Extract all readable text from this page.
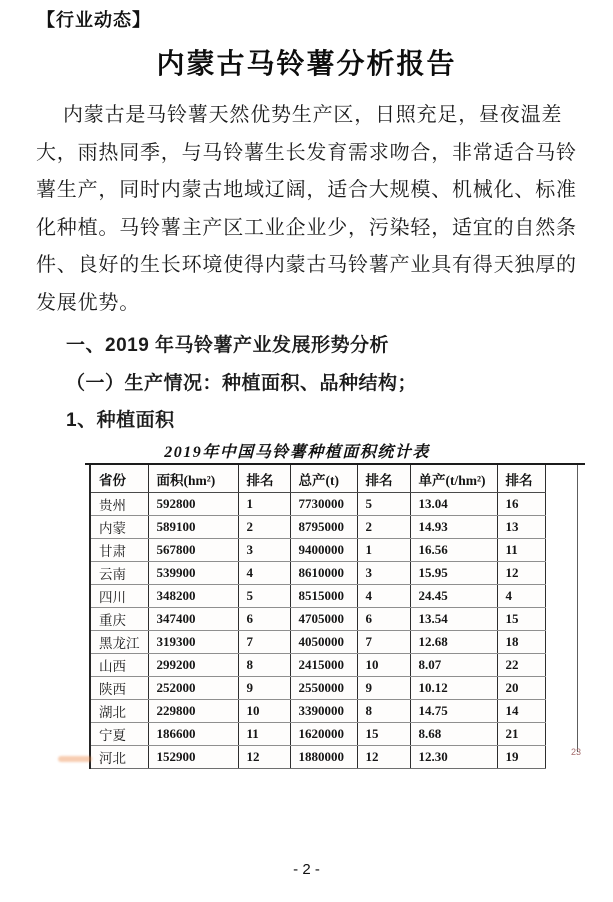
【行业动态】
内蒙古马铃薯分析报告
内蒙古是马铃薯天然优势生产区，日照充足，昼夜温差
大，雨热同季，与马铃薯生长发育需求吻合，非常适合马铃
薯生产，同时内蒙古地域辽阔，适合大规模、机械化、标准
化种植。马铃薯主产区工业企业少，污染轻，适宜的自然条
件、良好的生长环境使得内蒙古马铃薯产业具有得天独厚的
发展优势。
一、2019 年马铃薯产业发展形势分析
（一）生产情况：种植面积、品种结构；
1、种植面积
2019年中国马铃薯种植面积统计表
省份	面积(hm²)	排名	总产(t)	排名	单产(t/hm²)	排名
贵州	592800	1	7730000	5	13.04	16
内蒙	589100	2	8795000	2	14.93	13
甘肃	567800	3	9400000	1	16.56	11
云南	539900	4	8610000	3	15.95	12
四川	348200	5	8515000	4	24.45	4
重庆	347400	6	4705000	6	13.54	15
黑龙江	319300	7	4050000	7	12.68	18
山西	299200	8	2415000	10	8.07	22
陕西	252000	9	2550000	9	10.12	20
湖北	229800	10	3390000	8	14.75	14
宁夏	186600	11	1620000	15	8.68	21
河北	152900	12	1880000	12	12.30	19	23
- 2 -
